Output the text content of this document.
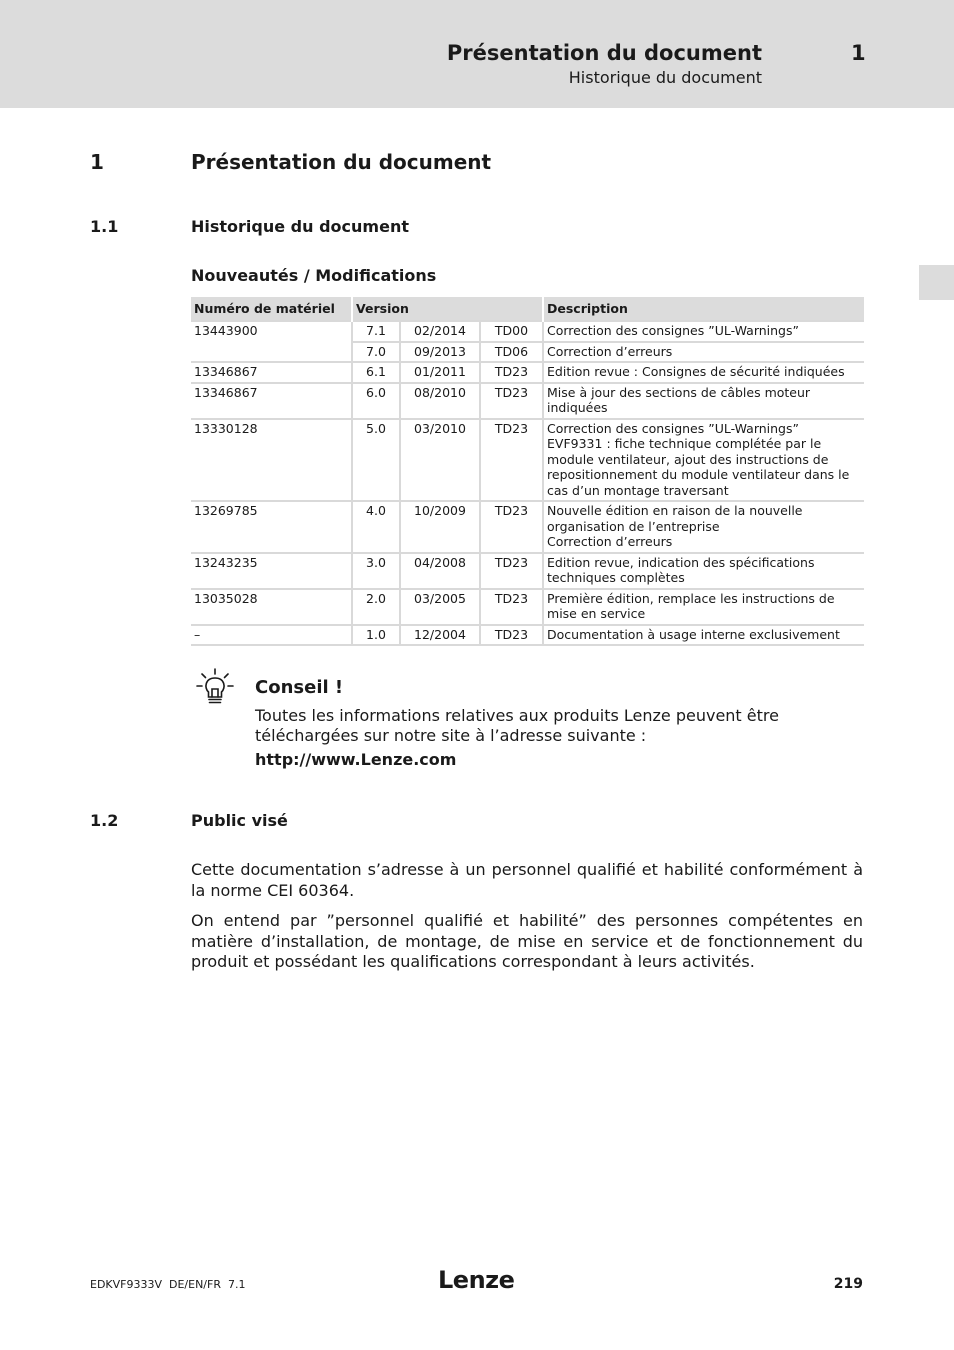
Présentation du document	1
Historique du document
1	Présentation du document
1.1	Historique du document
Nouveautés / Modifications
Numéro de matériel	Version			Description
13443900	7.1	02/2014	TD00	Correction des consignes ”UL-Warnings”
	7.0	09/2013	TD06	Correction d’erreurs
13346867	6.1	01/2011	TD23	Edition revue : Consignes de sécurité indiquées
13346867	6.0	08/2010	TD23	Mise à jour des sections de câbles moteur indiquées
13330128	5.0	03/2010	TD23	Correction des consignes ”UL-Warnings”
EVF9331 : fiche technique complétée par le module ventilateur, ajout des instructions de repositionnement du module ventilateur dans le cas d’un montage traversant
13269785	4.0	10/2009	TD23	Nouvelle édition en raison de la nouvelle organisation de l’entreprise
Correction d’erreurs
13243235	3.0	04/2008	TD23	Edition revue, indication des spécifications techniques complètes
13035028	2.0	03/2005	TD23	Première édition, remplace les instructions de mise en service
–	1.0	12/2004	TD23	Documentation à usage interne exclusivement
Conseil !
Toutes les informations relatives aux produits Lenze peuvent être téléchargées sur notre site à l’adresse suivante :
http://www.Lenze.com
1.2	Public visé
Cette documentation s’adresse à un personnel qualifié et habilité conformément à la norme CEI 60364.
On entend par ”personnel qualifié et habilité” des personnes compétentes en matière d’installation, de montage, de mise en service et de fonctionnement du produit et possédant les qualifications correspondant à leurs activités.
EDKVF9333V  DE/EN/FR  7.1	Lenze	219
